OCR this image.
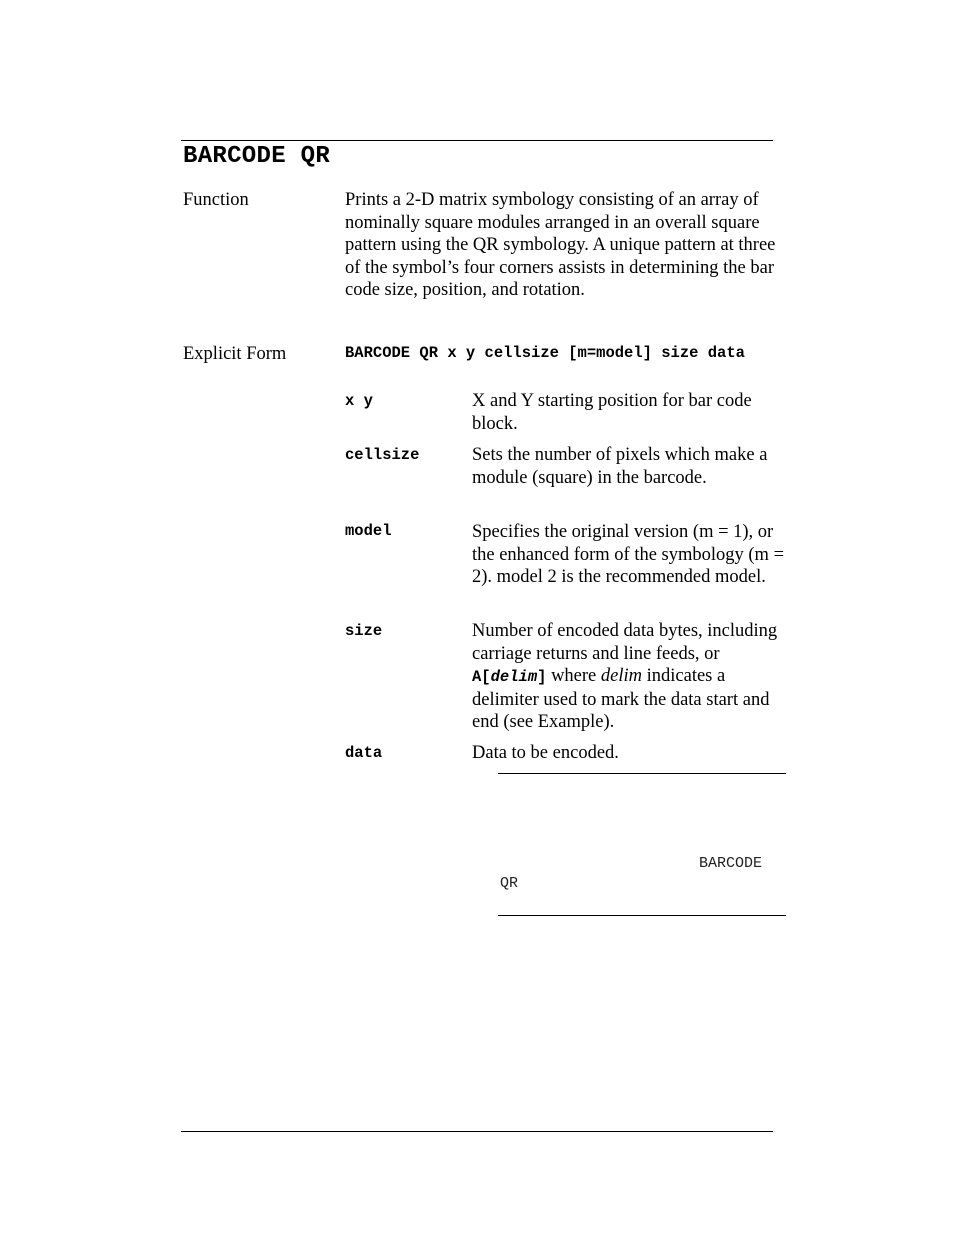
BARCODE QR
Function	Prints a 2-D matrix symbology consisting of an array of nominally square modules arranged in an overall square pattern using the QR symbology. A unique pattern at three of the symbol’s four corners assists in determining the bar code size, position, and rotation.
Explicit Form	BARCODE QR x y cellsize [m=model] size data
x y	X and Y starting position for bar code block.
cellsize	Sets the number of pixels which make a module (square) in the barcode.
model	Specifies the original version (m = 1), or the enhanced form of the symbology (m = 2). model 2 is the recommended model.
size	Number of encoded data bytes, including carriage returns and line feeds, or A[delim] where delim indicates a delimiter used to mark the data start and end (see Example).
data	Data to be encoded.
BARCODE
QR
